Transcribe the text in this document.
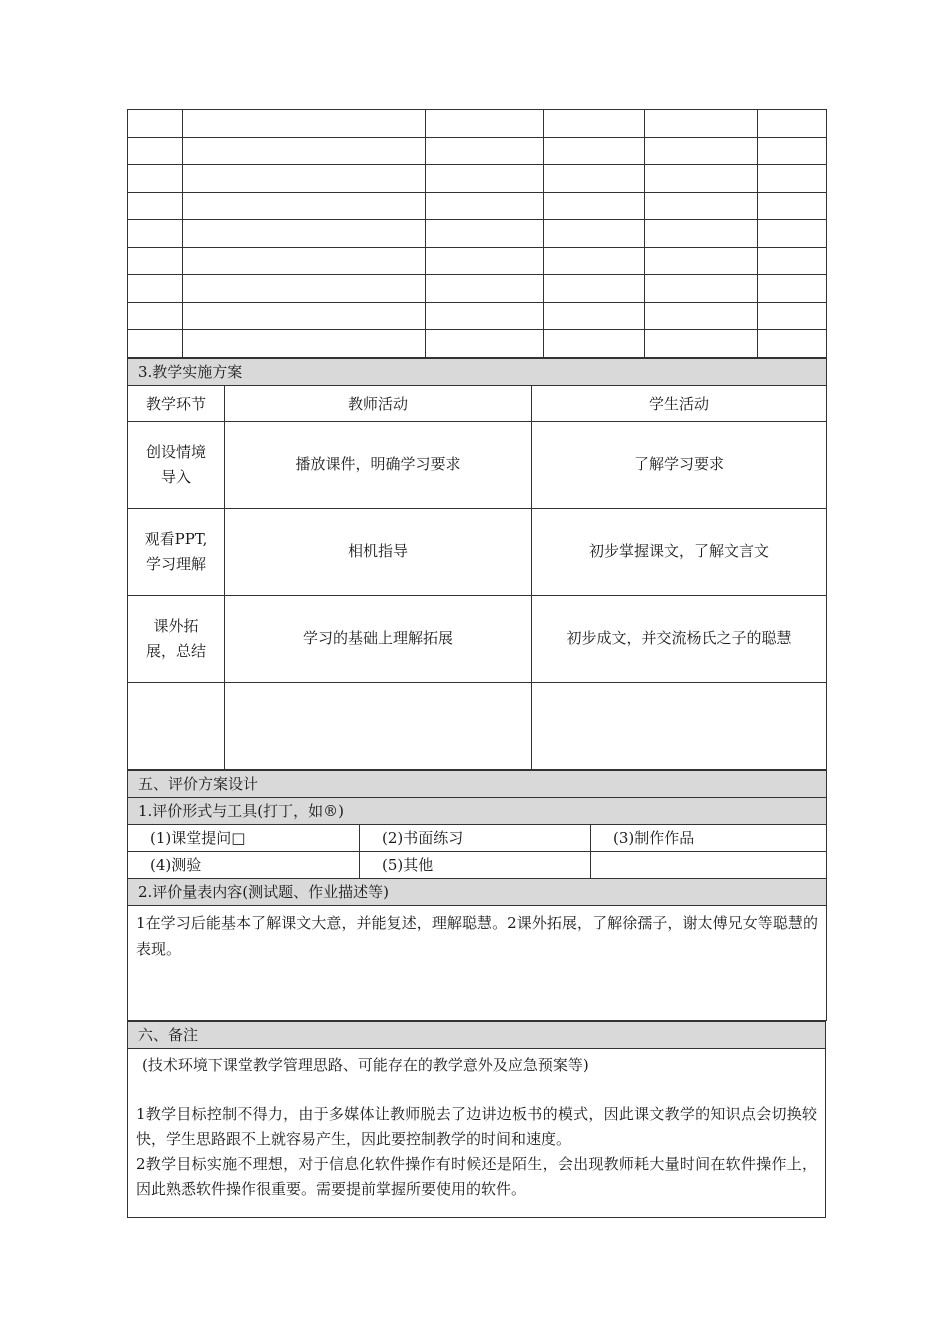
3.教学实施方案		
教学环节	教师活动	学生活动
创设情境导入	播放课件，明确学习要求	了解学习要求
观看PPT,学习理解	相机指导	初步掌握课文，了解文言文
课外拓展，总结	学习的基础上理解拓展	初步成文，并交流杨氏之子的聪慧

五、评价方案设计		
1.评价形式与工具(打丁，如®)		
(1)课堂提问□	(2)书面练习	(3)制作作品
(4)测验	(5)其他	
2.评价量表内容(测试题、作业描述等)		

1在学习后能基本了解课文大意，并能复述，理解聪慧。2课外拓展，了解徐孺子，谢太傅兄女等聪慧的表现。		

六、备注

(技术环境下课堂教学管理思路、可能存在的教学意外及应急预案等)

1教学目标控制不得力，由于多媒体让教师脱去了边讲边板书的模式，因此课文教学的知识点会切换较快，学生思路跟不上就容易产生，因此要控制教学的时间和速度。

2教学目标实施不理想，对于信息化软件操作有时候还是陌生，会出现教师耗大量时间在软件操作上，因此熟悉软件操作很重要。需要提前掌握所要使用的软件。
